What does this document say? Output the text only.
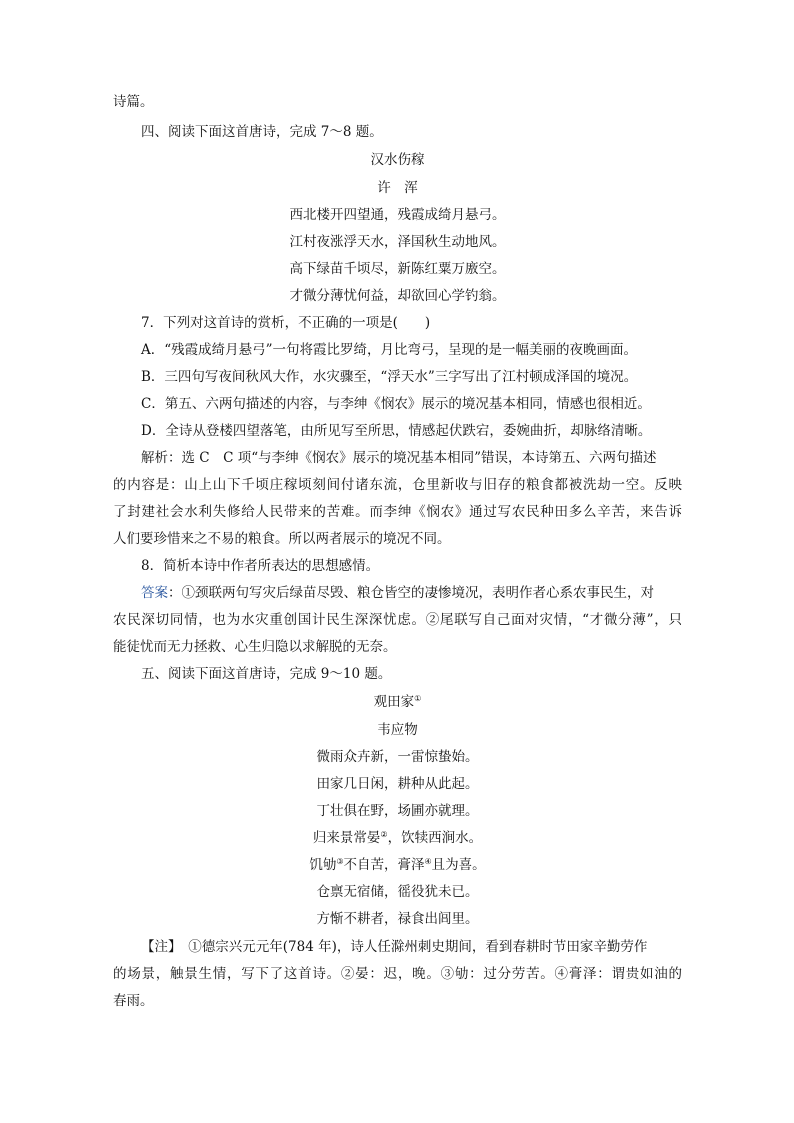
诗篇。
四、阅读下面这首唐诗，完成 7～8 题。
汉水伤稼
许　浑
西北楼开四望通，残霞成绮月悬弓。
江村夜涨浮天水，泽国秋生动地风。
高下绿苗千顷尽，新陈红粟万廒空。
才微分薄忧何益，却欲回心学钓翁。
7．下列对这首诗的赏析，不正确的一项是(　　)
A．“残霞成绮月悬弓”一句将霞比罗绮，月比弯弓，呈现的是一幅美丽的夜晚画面。
B．三四句写夜间秋风大作，水灾骤至，“浮天水”三字写出了江村顿成泽国的境况。
C．第五、六两句描述的内容，与李绅《悯农》展示的境况基本相同，情感也很相近。
D．全诗从登楼四望落笔，由所见写至所思，情感起伏跌宕，委婉曲折，却脉络清晰。
解析：选 C　C 项“与李绅《悯农》展示的境况基本相同”错误，本诗第五、六两句描述
的内容是：山上山下千顷庄稼顷刻间付诸东流，仓里新收与旧存的粮食都被洗劫一空。反映
了封建社会水利失修给人民带来的苦难。而李绅《悯农》通过写农民种田多么辛苦，来告诉
人们要珍惜来之不易的粮食。所以两者展示的境况不同。
8．简析本诗中作者所表达的思想感情。
答案：①颈联两句写灾后绿苗尽毁、粮仓皆空的凄惨境况，表明作者心系农事民生，对
农民深切同情，也为水灾重创国计民生深深忧虑。②尾联写自己面对灾情，“才微分薄”，只
能徒忧而无力拯救、心生归隐以求解脱的无奈。
五、阅读下面这首唐诗，完成 9～10 题。
观田家①
韦应物
微雨众卉新，一雷惊蛰始。
田家几日闲，耕种从此起。
丁壮俱在野，场圃亦就理。
归来景常晏②，饮犊西涧水。
饥劬③不自苦，膏泽④且为喜。
仓禀无宿储，徭役犹未已。
方惭不耕者，禄食出闾里。
【注】　①德宗兴元元年(784 年)，诗人任滁州刺史期间，看到春耕时节田家辛勤劳作
的场景，触景生情，写下了这首诗。②晏：迟，晚。③劬：过分劳苦。④膏泽：谓贵如油的
春雨。
